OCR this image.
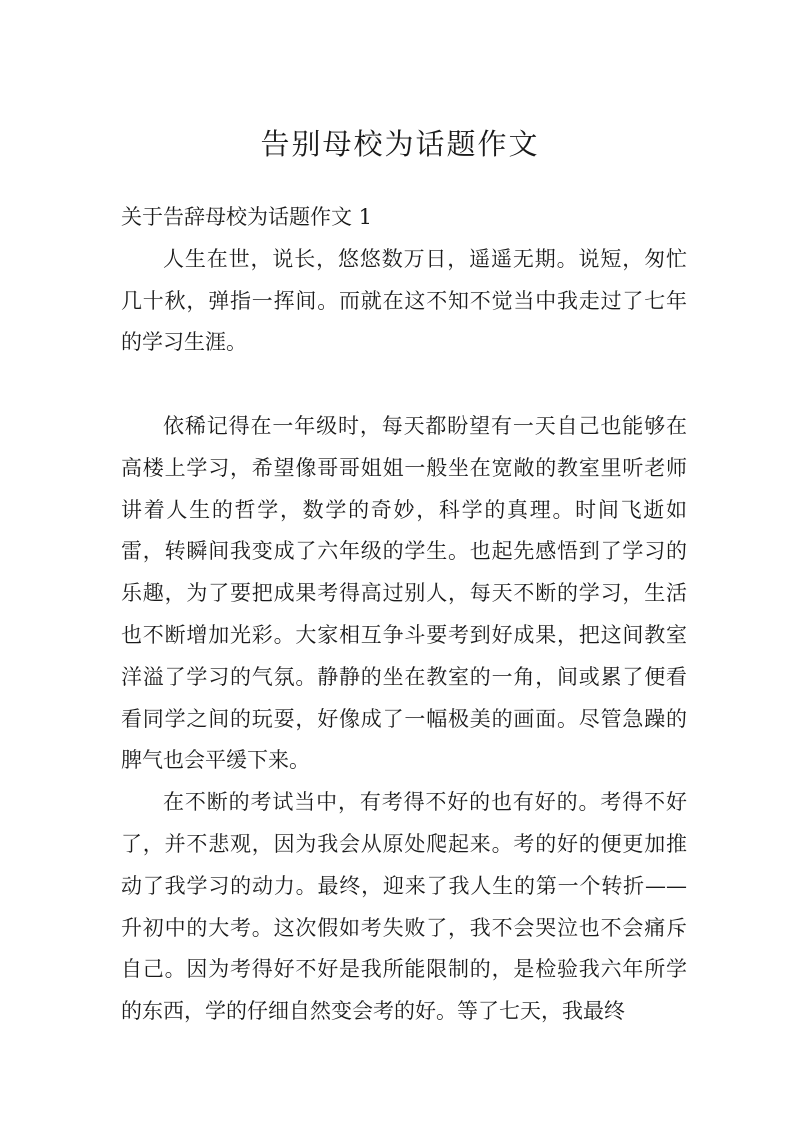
告别母校为话题作文

关于告辞母校为话题作文 1

人生在世，说长，悠悠数万日，遥遥无期。说短，匆忙几十秋，弹指一挥间。而就在这不知不觉当中我走过了七年的学习生涯。

依稀记得在一年级时，每天都盼望有一天自己也能够在高楼上学习，希望像哥哥姐姐一般坐在宽敞的教室里听老师讲着人生的哲学，数学的奇妙，科学的真理。时间飞逝如雷，转瞬间我变成了六年级的学生。也起先感悟到了学习的乐趣，为了要把成果考得高过别人，每天不断的学习，生活也不断增加光彩。大家相互争斗要考到好成果，把这间教室洋溢了学习的气氛。静静的坐在教室的一角，间或累了便看看同学之间的玩耍，好像成了一幅极美的画面。尽管急躁的脾气也会平缓下来。

在不断的考试当中，有考得不好的也有好的。考得不好了，并不悲观，因为我会从原处爬起来。考的好的便更加推动了我学习的动力。最终，迎来了我人生的第一个转折——升初中的大考。这次假如考失败了，我不会哭泣也不会痛斥自己。因为考得好不好是我所能限制的，是检验我六年所学的东西，学的仔细自然变会考的好。等了七天，我最终
